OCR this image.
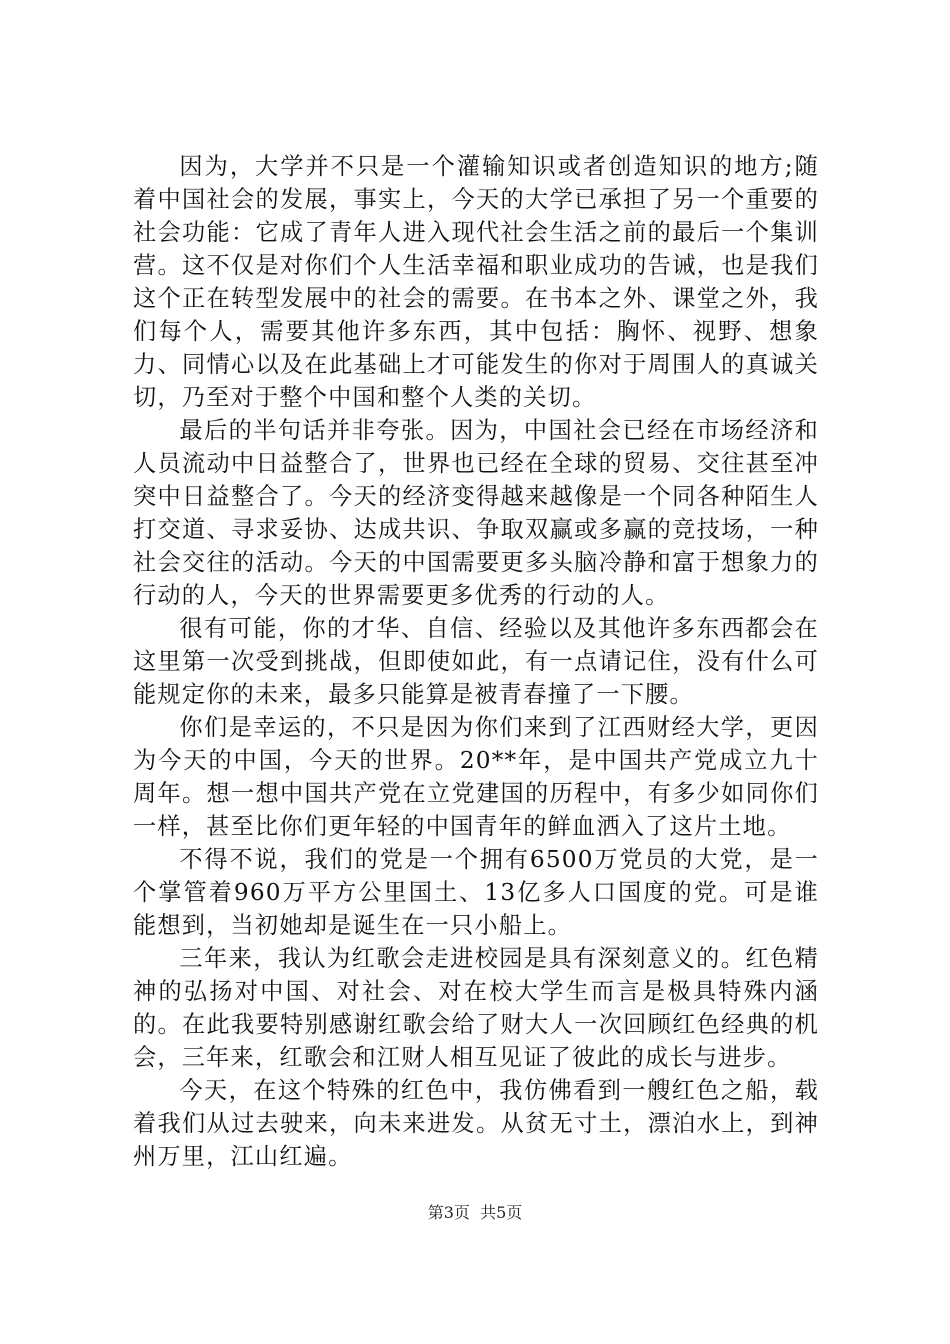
因为，大学并不只是一个灌输知识或者创造知识的地方;随着中国社会的发展，事实上，今天的大学已承担了另一个重要的社会功能：它成了青年人进入现代社会生活之前的最后一个集训营。这不仅是对你们个人生活幸福和职业成功的告诫，也是我们这个正在转型发展中的社会的需要。在书本之外、课堂之外，我们每个人，需要其他许多东西，其中包括：胸怀、视野、想象力、同情心以及在此基础上才可能发生的你对于周围人的真诚关切，乃至对于整个中国和整个人类的关切。

最后的半句话并非夸张。因为，中国社会已经在市场经济和人员流动中日益整合了，世界也已经在全球的贸易、交往甚至冲突中日益整合了。今天的经济变得越来越像是一个同各种陌生人打交道、寻求妥协、达成共识、争取双赢或多赢的竞技场，一种社会交往的活动。今天的中国需要更多头脑冷静和富于想象力的行动的人，今天的世界需要更多优秀的行动的人。

很有可能，你的才华、自信、经验以及其他许多东西都会在这里第一次受到挑战，但即使如此，有一点请记住，没有什么可能规定你的未来，最多只能算是被青春撞了一下腰。

你们是幸运的，不只是因为你们来到了江西财经大学，更因为今天的中国，今天的世界。20**年，是中国共产党成立九十周年。想一想中国共产党在立党建国的历程中，有多少如同你们一样，甚至比你们更年轻的中国青年的鲜血洒入了这片土地。

不得不说，我们的党是一个拥有6500万党员的大党，是一个掌管着960万平方公里国土、13亿多人口国度的党。可是谁能想到，当初她却是诞生在一只小船上。

三年来，我认为红歌会走进校园是具有深刻意义的。红色精神的弘扬对中国、对社会、对在校大学生而言是极具特殊内涵的。在此我要特别感谢红歌会给了财大人一次回顾红色经典的机会，三年来，红歌会和江财人相互见证了彼此的成长与进步。

今天，在这个特殊的红色中，我仿佛看到一艘红色之船，载着我们从过去驶来，向未来进发。从贫无寸土，漂泊水上，到神州万里，江山红遍。

第3页  共5页
